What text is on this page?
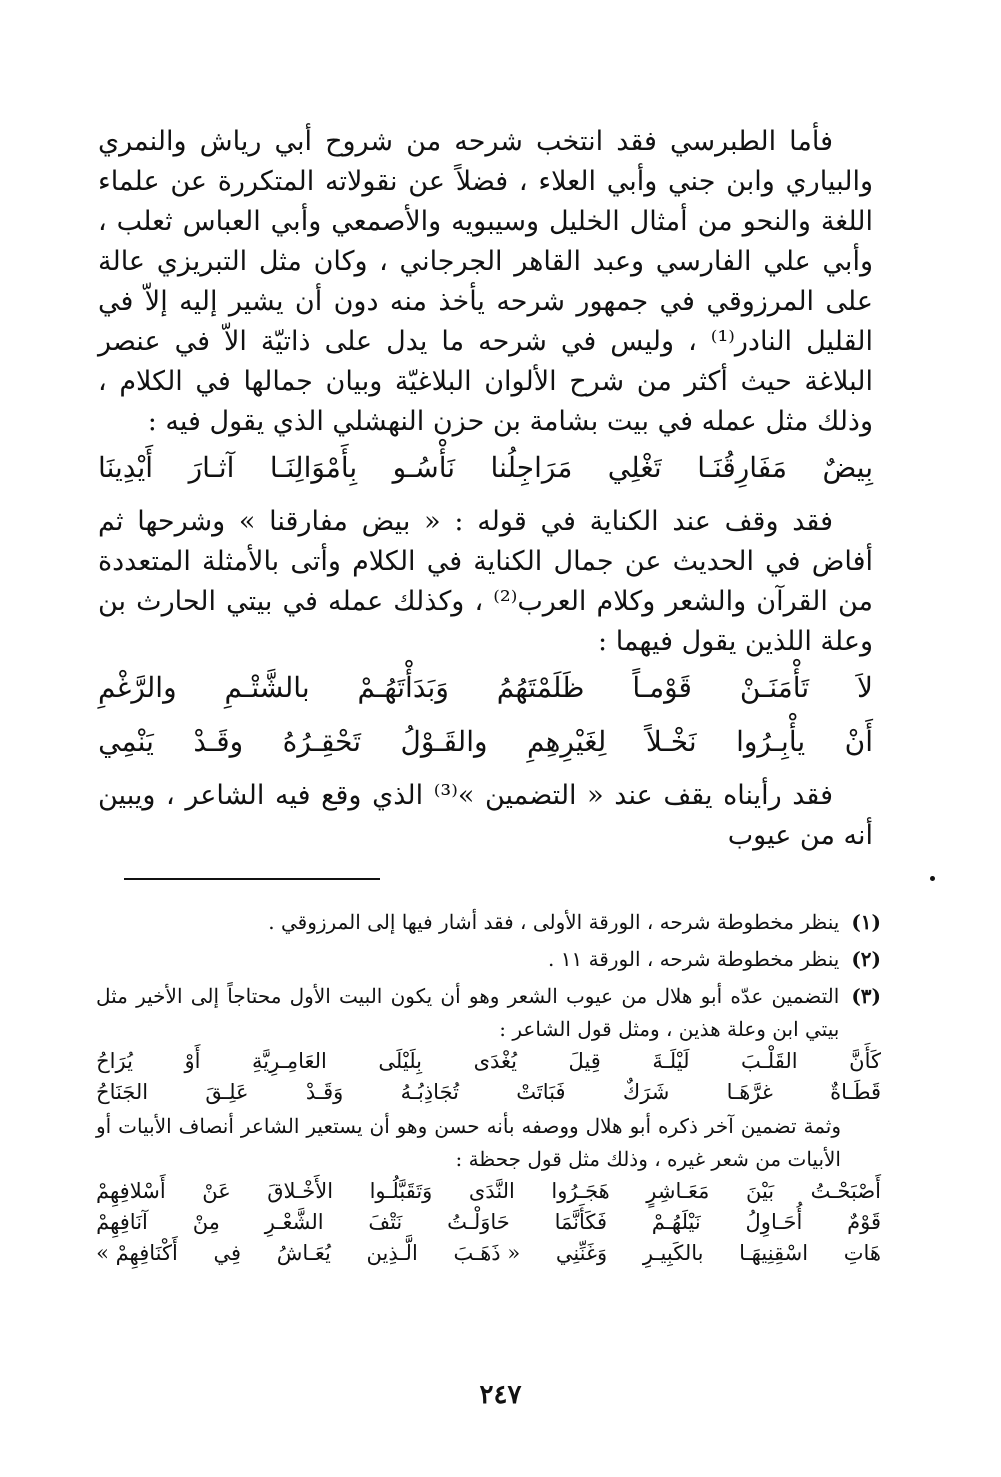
فأما الطبرسي فقد انتخب شرحه من شروح أبي رياش والنمري والبياري وابن جني وأبي العلاء ، فضلاً عن نقولاته المتكررة عن علماء اللغة والنحو من أمثال الخليل وسيبويه والأصمعي وأبي العباس ثعلب ، وأبي علي الفارسي وعبد القاهر الجرجاني ، وكان مثل التبريزي عالة على المرزوقي في جمهور شرحه يأخذ منه دون أن يشير إليه إلاّ في القليل النادر⁽¹⁾ ، وليس في شرحه ما يدل على ذاتيّة الاّ في عنصر البلاغة حيث أكثر من شرح الألوان البلاغيّة وبيان جمالها في الكلام ، وذلك مثل عمله في بيت بشامة بن حزن النهشلي الذي يقول فيه :

بِيضٌ
مَفَارِقُنَـا
تَغْلِي
مَرَاجِلُنا
نَأْسُـو
بِأَمْوَالِنَـا
آثـارَ
أَيْدِينَا

فقد وقف عند الكناية في قوله : « بيض مفارقنا » وشرحها ثم أفاض في الحديث عن جمال الكناية في الكلام وأتى بالأمثلة المتعددة من القرآن والشعر وكلام العرب⁽²⁾ ، وكذلك عمله في بيتي الحارث بن وعلة اللذين يقول فيهما :

لاَ
تَأْمَنَـنْ
قَوْمـاً
ظَلَمْتَهُمُ
وَبَدَأْتَهُـمْ
بالشَّتْـمِ
والرَّغْمِ
أَنْ
يأْبِـرُوا
نَخْـلاً
لِغَيْرِهِمِ
والقَـوْلُ
تَحْقِـرُهُ
وقَـدْ
يَنْمِي

فقد رأيناه يقف عند « التضمين »⁽³⁾ الذي وقع فيه الشاعر ، ويبين أنه من عيوب

(١)
ينظر مخطوطة شرحه ، الورقة الأولى ، فقد أشار فيها إلى المرزوقي .
(٢)
ينظر مخطوطة شرحه ، الورقة ١١ .
(٣)
التضمين عدّه أبو هلال من عيوب الشعر وهو أن يكون البيت الأول محتاجاً إلى الأخير مثل بيتي ابن وعلة هذين ، ومثل قول الشاعر :
كَأَنَّ
القَلْـبَ
لَيْلَـةَ
قِيلَ
يُغْدَى
بِلَيْلَى
العَامِـرِيَّةِ
أَوْ
يُرَاحُ
قَطَـاةٌ
غرَّهَـا
شَرَكٌ
فَبَاتَتْ
تُجَاذِبُـهُ
وَقَـدْ
عَلِـقَ
الجَنَاحُ
وثمة تضمين آخر ذكره أبو هلال ووصفه بأنه حسن وهو أن يستعير الشاعر أنصاف الأبيات أو الأبيات من شعر غيره ، وذلك مثل قول جحظة :
أَصْبَحْـتُ
بَيْنَ
مَعَـاشِرٍ
هَجَـرُوا
النَّدَى
وَتَقَبَّلُـوا
الأَخْـلاقَ
عَنْ
أَسْلافِهِمْ
قَوْمٌ
أُحَـاوِلُ
نَيْلَهُـمْ
فَكَأَنَّمَا
حَاوَلْـتُ
نَتْفَ
الشَّعْـرِ
مِنْ
آنَافِهِمْ
هَاتِ
اسْقِنِيهَـا
بالكَبِيـرِ
وَغَنِّنِي
« ذَهَـبَ
الَّـذِين
يُعَـاشُ
فِي
أَكْنَافِهِمْ »
٢٤٧
